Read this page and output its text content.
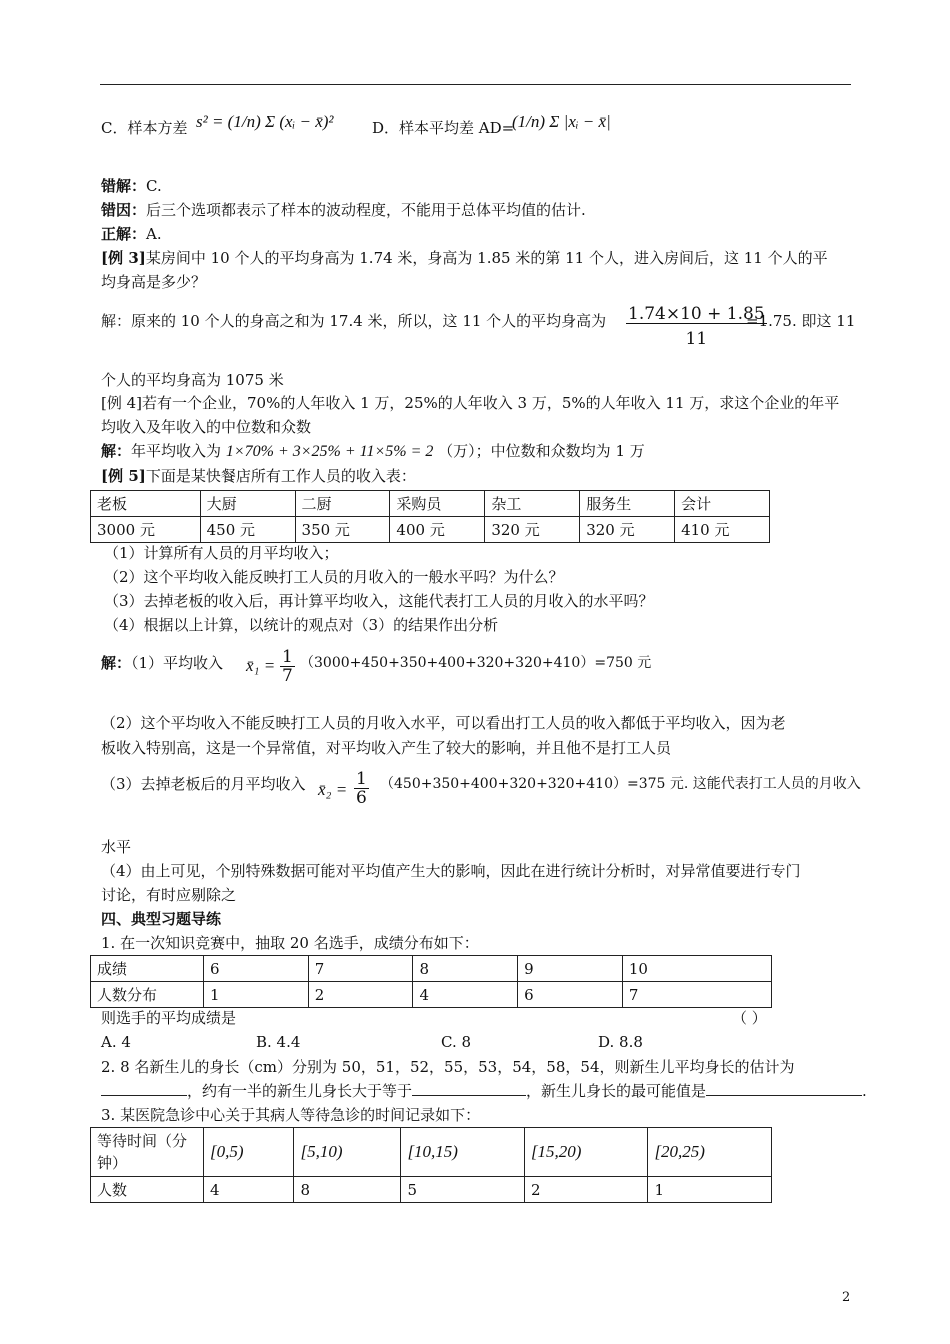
C．样本方差 s² = (1/n) Σ (xᵢ − x̄)²	D．样本平均差 AD=
(1/n) Σ |xᵢ − x̄|
错解：C.
错因：后三个选项都表示了样本的波动程度，不能用于总体平均值的估计.
正解：A.
[例 3]某房间中 10 个人的平均身高为 1.74 米，身高为 1.85 米的第 11 个人，进入房间后，这 11 个人的平
均身高是多少？
解：原来的 10 个人的身高之和为 17.4 米，所以，这 11 个人的平均身高为 $\frac{1.74\times 10 + 1.85}{11}$
=1.75. 即这 11
个人的平均身高为 1075 米
[例 4]若有一个企业，70%的人年收入 1 万，25%的人年收入 3 万，5%的人年收入 11 万，求这个企业的年平
均收入及年收入的中位数和众数
解：年平均收入为 1×70% + 3×25% + 11×5% = 2 （万）；中位数和众数均为 1 万
[例 5]下面是某快餐店所有工作人员的收入表：
老板	大厨	二厨	采购员	杂工	服务生	会计
3000 元	450 元	350 元	400 元	320 元	320 元	410 元
（1）计算所有人员的月平均收入；
（2）这个平均收入能反映打工人员的月收入的一般水平吗？为什么？
（3）去掉老板的收入后，再计算平均收入，这能代表打工人员的月收入的水平吗？
（4）根据以上计算，以统计的观点对（3）的结果作出分析
解：（1）平均收入 x̄₁ = $\frac{1}{7} (3000+450+350+400+320+320+410)=750$ 元
（2）这个平均收入不能反映打工人员的月收入水平，可以看出打工人员的收入都低于平均收入，因为老
板收入特别高，这是一个异常值，对平均收入产生了较大的影响，并且他不是打工人员
（3）去掉老板后的月平均收入 x̄₂ = $\frac{1}{6} (450+350+400+320+320+410)=375$ 元. 这能代表打工人员的月收入
水平
（4）由上可见，个别特殊数据可能对平均值产生大的影响，因此在进行统计分析时，对异常值要进行专门
讨论，有时应剔除之
四、典型习题导练
1. 在一次知识竞赛中，抽取 20 名选手，成绩分布如下：
成绩	6	7	8	9	10
人数分布	1	2	4	6	7
则选手的平均成绩是	（ ）
A. 4	B. 4.4	C. 8	D. 8.8
2. 8 名新生儿的身长（cm）分别为 50，51，52，55，53，54，58，54，则新生儿平均身长的估计为
，约有一半的新生儿身长大于等于	，新生儿身长的最可能值是	.
3. 某医院急诊中心关于其病人等待急诊的时间记录如下：
等待时间（分钟）	[0,5)	[5,10)	[10,15)	[15,20)	[20,25)
人数	4	8	5	2	1
2
